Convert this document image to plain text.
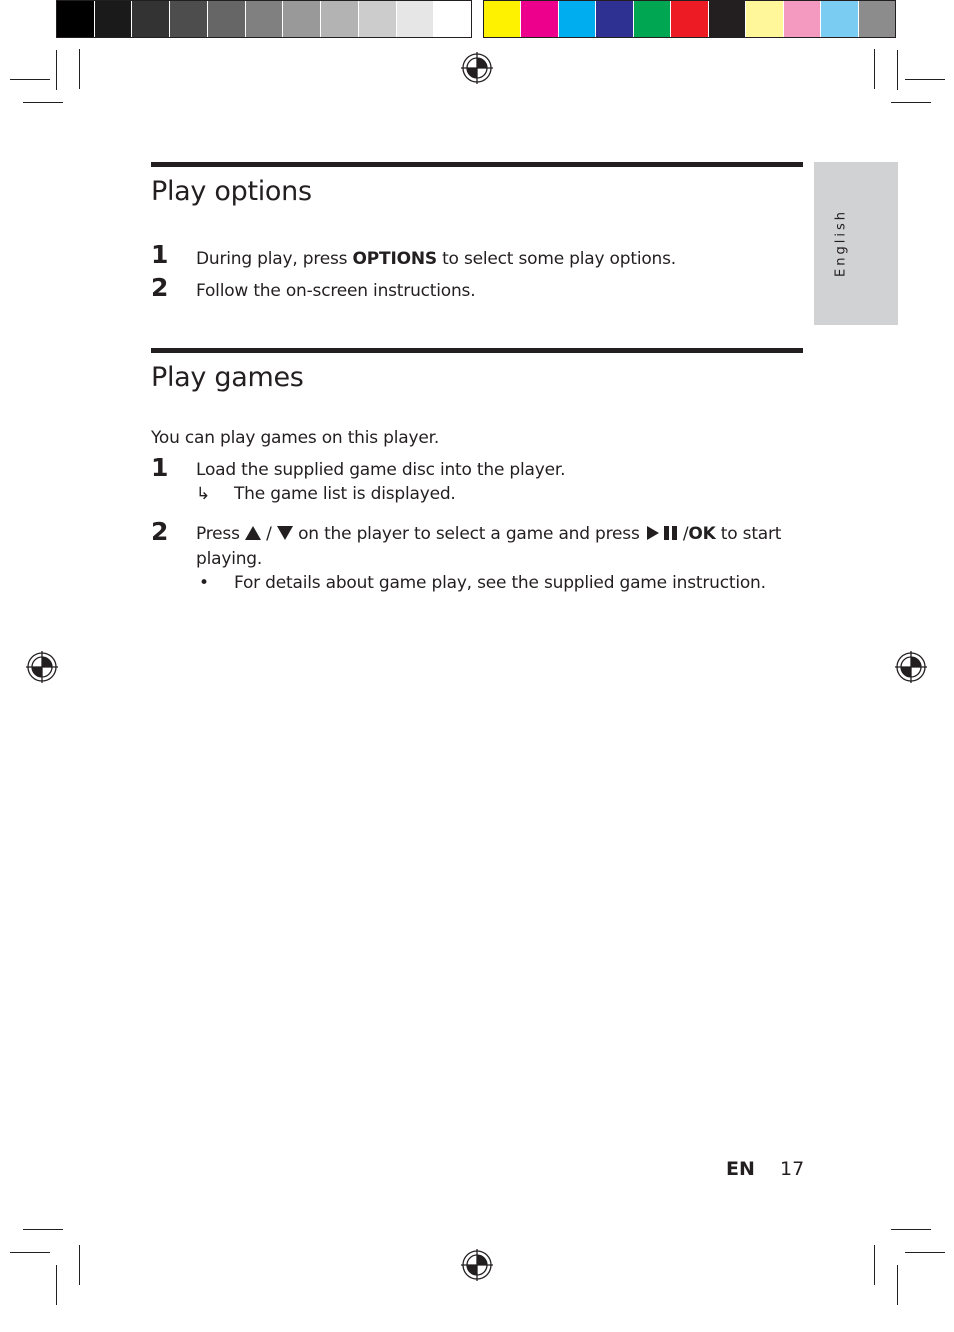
English
Play options
1 During play, press OPTIONS to select some play options.
2 Follow the on-screen instructions.
Play games
You can play games on this player.
1 Load the supplied game disc into the player.
↳ The game list is displayed.
2 Press  /  on the player to select a game and press /OK to start
playing.
• For details about game play, see the supplied game instruction.
EN 17
